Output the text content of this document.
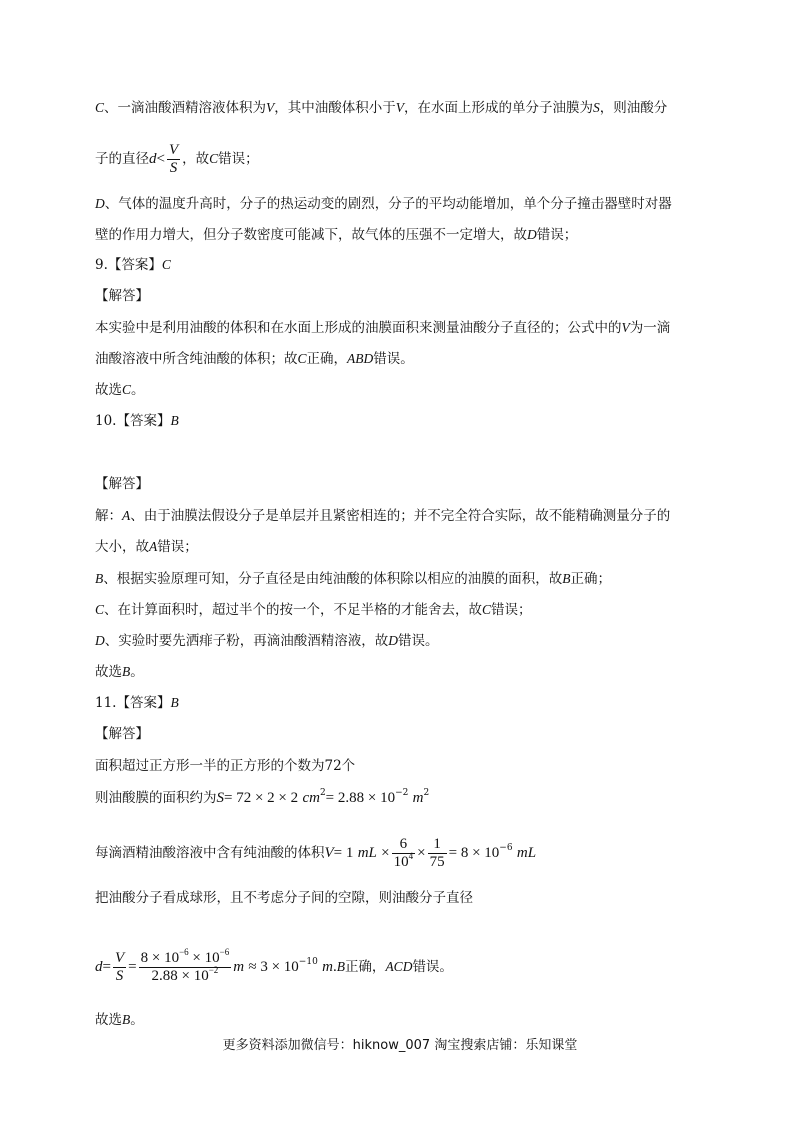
C、一滴油酸酒精溶液体积为V，其中油酸体积小于V，在水面上形成的单分子油膜为S，则油酸分
子的直径$d< \frac{V}{S}$ ，故C错误；
D、气体的温度升高时，分子的热运动变的剧烈，分子的平均动能增加，单个分子撞击器壁时对器
壁的作用力增大，但分子数密度可能减下，故气体的压强不一定增大，故D错误；
9.【答案】C
【解答】
本实验中是利用油酸的体积和在水面上形成的油膜面积来测量油酸分子直径的；公式中的V为一滴
油酸溶液中所含纯油酸的体积；故C正确，ABD错误。
故选C。
10.【答案】B
【解答】
解：A、由于油膜法假设分子是单层并且紧密相连的；并不完全符合实际，故不能精确测量分子的
大小，故A错误；
B、根据实验原理可知，分子直径是由纯油酸的体积除以相应的油膜的面积，故B正确；
C、在计算面积时，超过半个的按一个，不足半格的才能舍去，故C错误；
D、实验时要先洒痱子粉，再滴油酸酒精溶液，故D错误。
故选B。
11.【答案】B
【解答】
面积超过正方形一半的正方形的个数为72个
则油酸膜的面积约为S= 72 × 2 × 2 $cm^2= 2.88 \times 10^{-2}$ $m^2$
每滴酒精油酸溶液中含有纯油酸的体积V= 1 mL × $\frac{6}{10^4} \times \frac{1}{75} = 8 \times 10^{-6}$ mL
把油酸分子看成球形，且不考虑分子间的空隙，则油酸分子直径
$d= \frac{V}{S} = \frac{8 \times 10^{-6} \times 10^{-6}}{2.88 \times 10^{-2}}$ $m \approx 3 \times 10^{-10}$ m.B正确，ACD错误。
故选B。
更多资料添加微信号：hiknow_007 淘宝搜索店铺：乐知课堂
